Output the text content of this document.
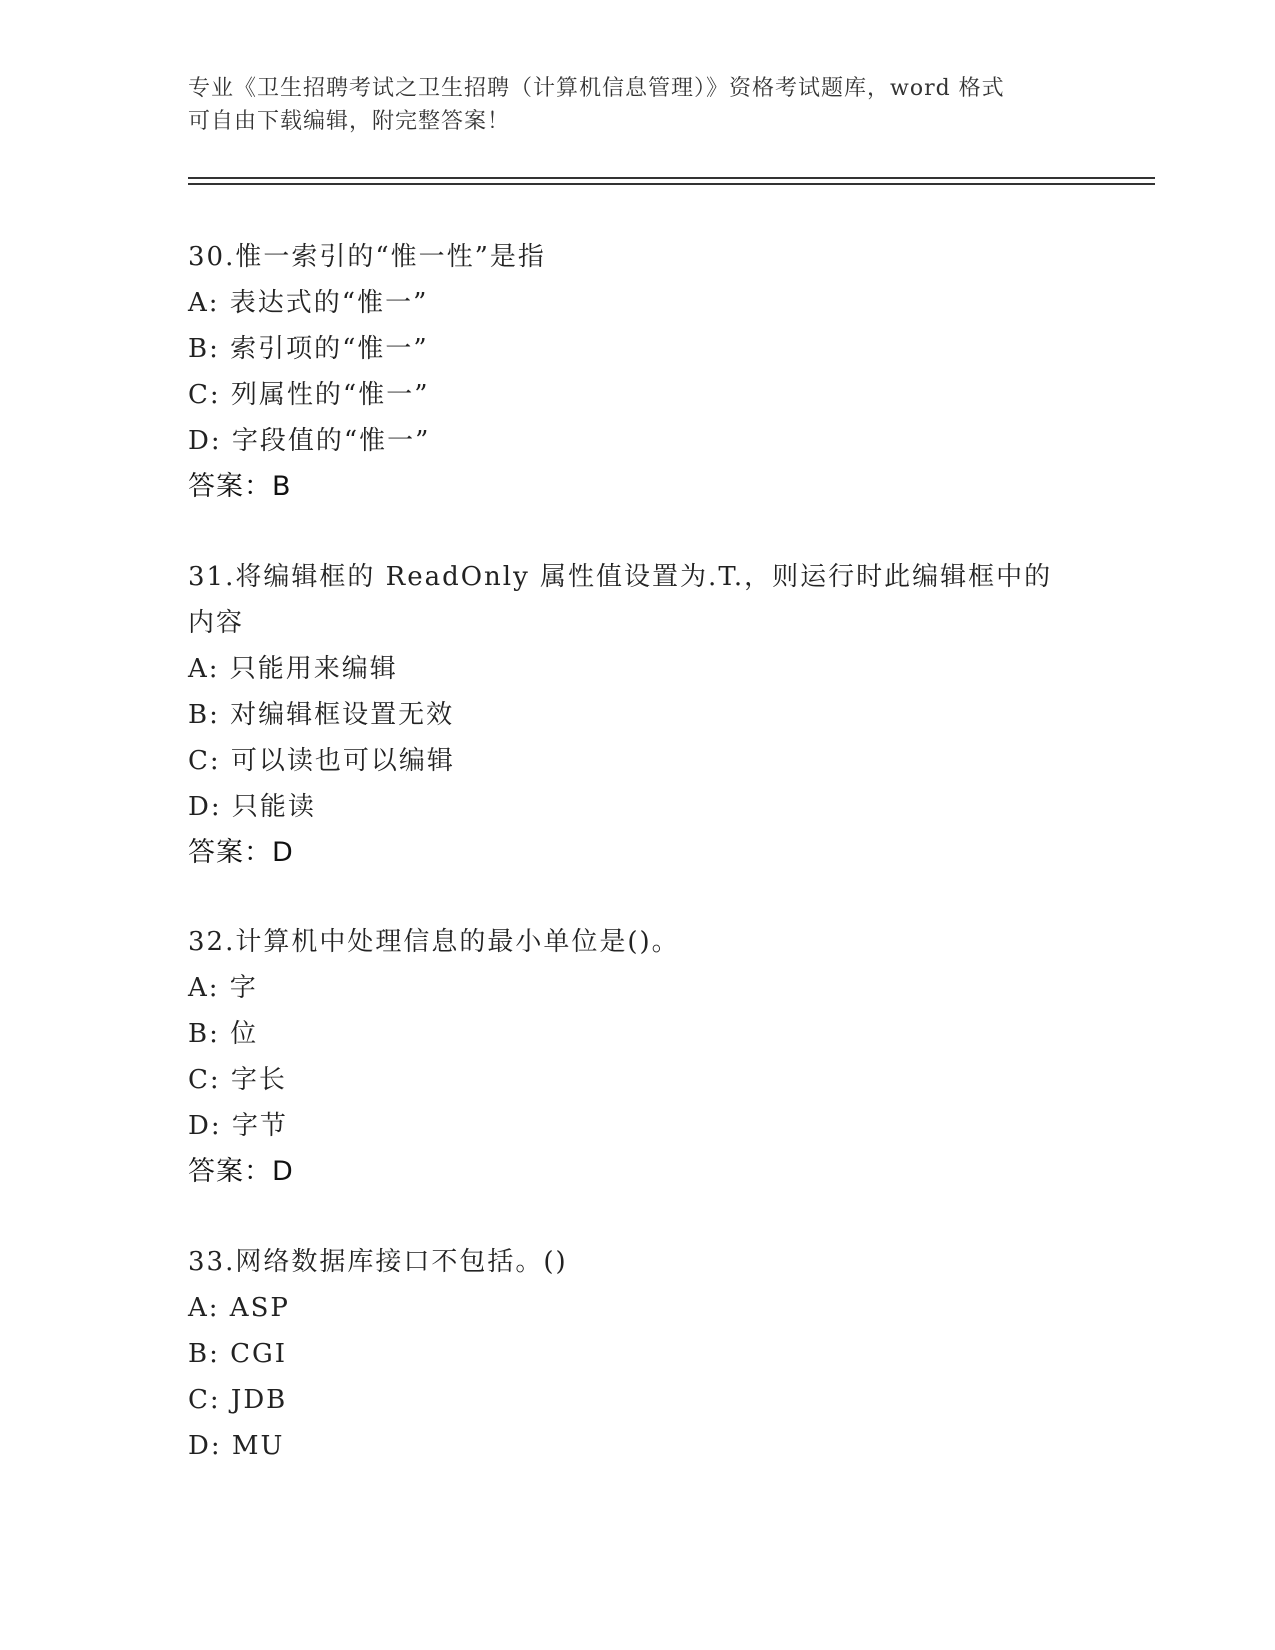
专业《卫生招聘考试之卫生招聘（计算机信息管理）》资格考试题库，word 格式
可自由下载编辑，附完整答案！
30.惟一索引的“惟一性”是指
A: 表达式的“惟一”
B: 索引项的“惟一”
C: 列属性的“惟一”
D: 字段值的“惟一”
答案：B
31.将编辑框的 ReadOnly 属性值设置为.T.，则运行时此编辑框中的内容
A: 只能用来编辑
B: 对编辑框设置无效
C: 可以读也可以编辑
D: 只能读
答案：D
32.计算机中处理信息的最小单位是()。
A: 字
B: 位
C: 字长
D: 字节
答案：D
33.网络数据库接口不包括。()
A: ASP
B: CGI
C: JDB
D: MU
